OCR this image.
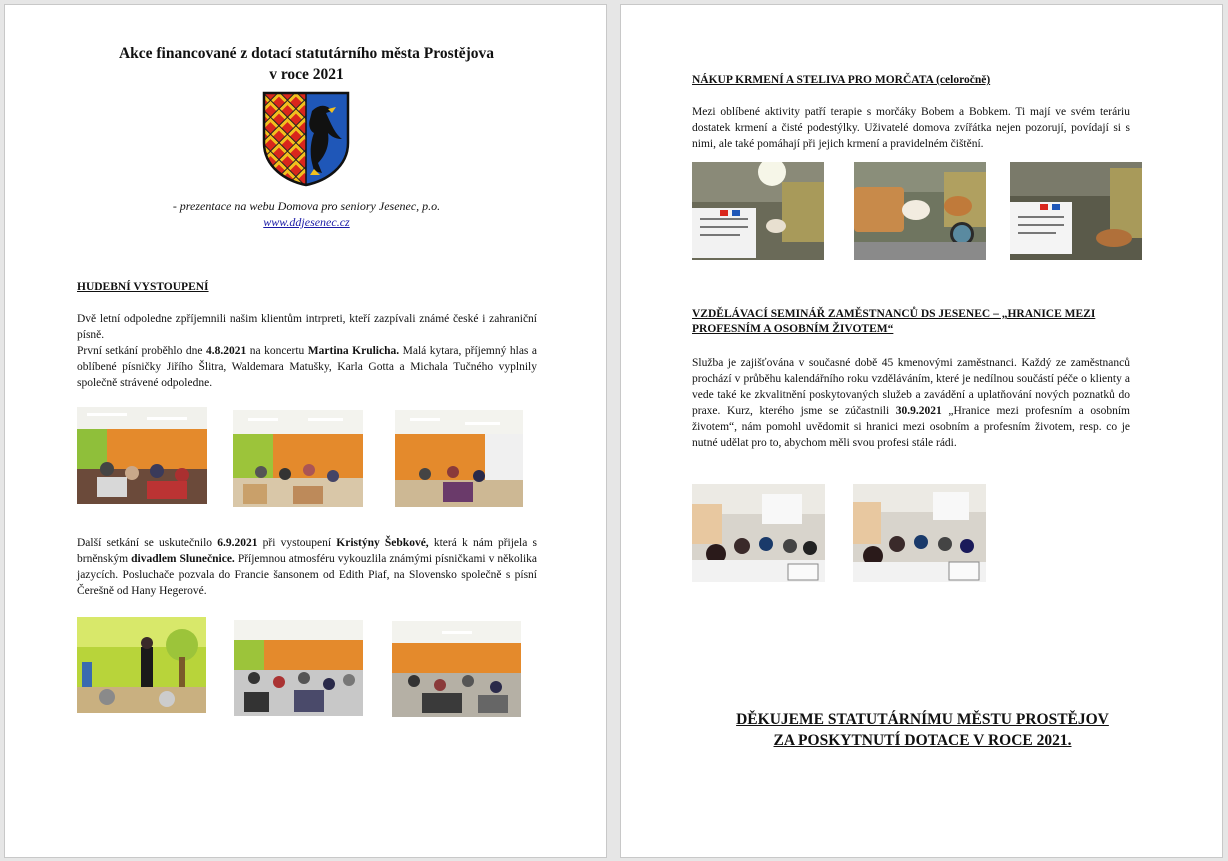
Akce financované z dotací statutárního města Prostějova
v roce 2021
- prezentace na webu Domova pro seniory Jesenec, p.o.
www.ddjesenec.cz
HUDEBNÍ VYSTOUPENÍ
Dvě letní odpoledne zpříjemnili našim klientům intrpreti, kteří zazpívali známé české i zahraniční písně.
První setkání proběhlo dne 4.8.2021 na koncertu Martina Krulicha. Malá kytara, příjemný hlas a oblíbené písničky Jiřího Šlitra, Waldemara Matušky, Karla Gotta a Michala Tučného vyplnily společně strávené odpoledne.
Další setkání se uskutečnilo 6.9.2021 při vystoupení Kristýny Šebkové, která k nám přijela s brněnským divadlem Slunečnice. Příjemnou atmosféru vykouzlila známými písničkami v několika jazycích. Posluchače pozvala do Francie šansonem od Edith Piaf, na Slovensko společně s písní Čerešně od Hany Hegerové.
NÁKUP KRMENÍ A STELIVA PRO MORČATA (celoročně)
Mezi oblíbené aktivity patří terapie s morčáky Bobem a Bobkem. Ti mají ve svém teráriu dostatek krmení a čisté podestýlky. Uživatelé domova zvířátka nejen pozorují, povídají si s nimi, ale také pomáhají při jejich krmení a pravidelném čištění.
VZDĚLÁVACÍ SEMINÁŘ ZAMĚSTNANCŮ DS JESENEC – „HRANICE MEZI
PROFESNÍM A OSOBNÍM ŽIVOTEM“
Služba je zajišťována v současné době 45 kmenovými zaměstnanci. Každý ze zaměstnanců prochází v průběhu kalendářního roku vzděláváním, které je nedílnou součástí péče o klienty a vede také ke zkvalitnění poskytovaných služeb a zavádění a uplatňování nových poznatků do praxe. Kurz, kterého jsme se zúčastnili 30.9.2021 „Hranice mezi profesním a osobním životem“, nám pomohl uvědomit si hranici mezi osobním a profesním životem, resp. co je nutné udělat pro to, abychom měli svou profesi stále rádi.
DĚKUJEME STATUTÁRNÍMU MĚSTU PROSTĚJOV
ZA POSKYTNUTÍ DOTACE V ROCE 2021.
